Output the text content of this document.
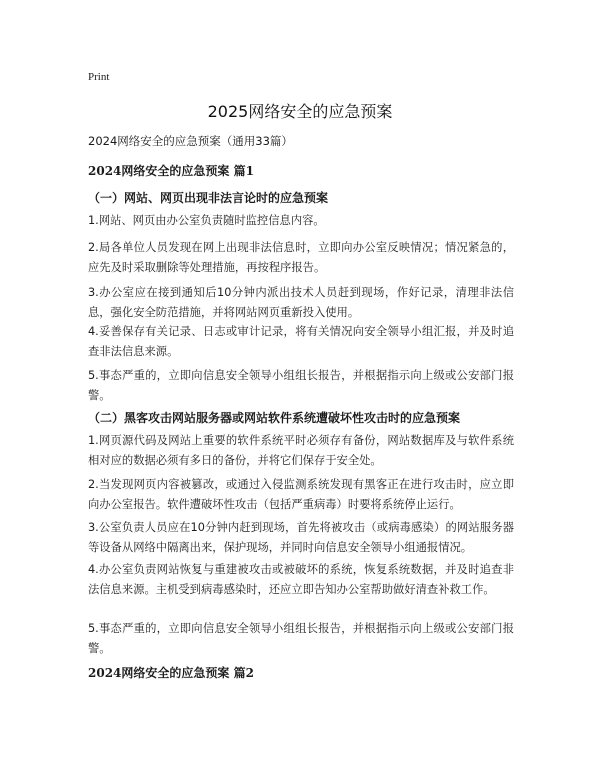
Print
2025网络安全的应急预案
2024网络安全的应急预案（通用33篇）
2024网络安全的应急预案 篇1
（一）网站、网页出现非法言论时的应急预案
1.网站、网页由办公室负责随时监控信息内容。
2.局各单位人员发现在网上出现非法信息时，立即向办公室反映情况；情况紧急的，应先及时采取删除等处理措施，再按程序报告。
3.办公室应在接到通知后10分钟内派出技术人员赶到现场，作好记录，清理非法信息，强化安全防范措施，并将网站网页重新投入使用。
4.妥善保存有关记录、日志或审计记录，将有关情况向安全领导小组汇报，并及时追查非法信息来源。
5.事态严重的，立即向信息安全领导小组组长报告，并根据指示向上级或公安部门报警。
（二）黑客攻击网站服务器或网站软件系统遭破坏性攻击时的应急预案
1.网页源代码及网站上重要的软件系统平时必须存有备份，网站数据库及与软件系统相对应的数据必须有多日的备份，并将它们保存于安全处。
2.当发现网页内容被篡改，或通过入侵监测系统发现有黑客正在进行攻击时，应立即向办公室报告。软件遭破坏性攻击（包括严重病毒）时要将系统停止运行。
3.公室负责人员应在10分钟内赶到现场，首先将被攻击（或病毒感染）的网站服务器等设备从网络中隔离出来，保护现场，并同时向信息安全领导小组通报情况。
4.办公室负责网站恢复与重建被攻击或被破坏的系统，恢复系统数据，并及时追查非法信息来源。主机受到病毒感染时，还应立即告知办公室帮助做好清查补救工作。
5.事态严重的，立即向信息安全领导小组组长报告，并根据指示向上级或公安部门报警。
2024网络安全的应急预案 篇2
